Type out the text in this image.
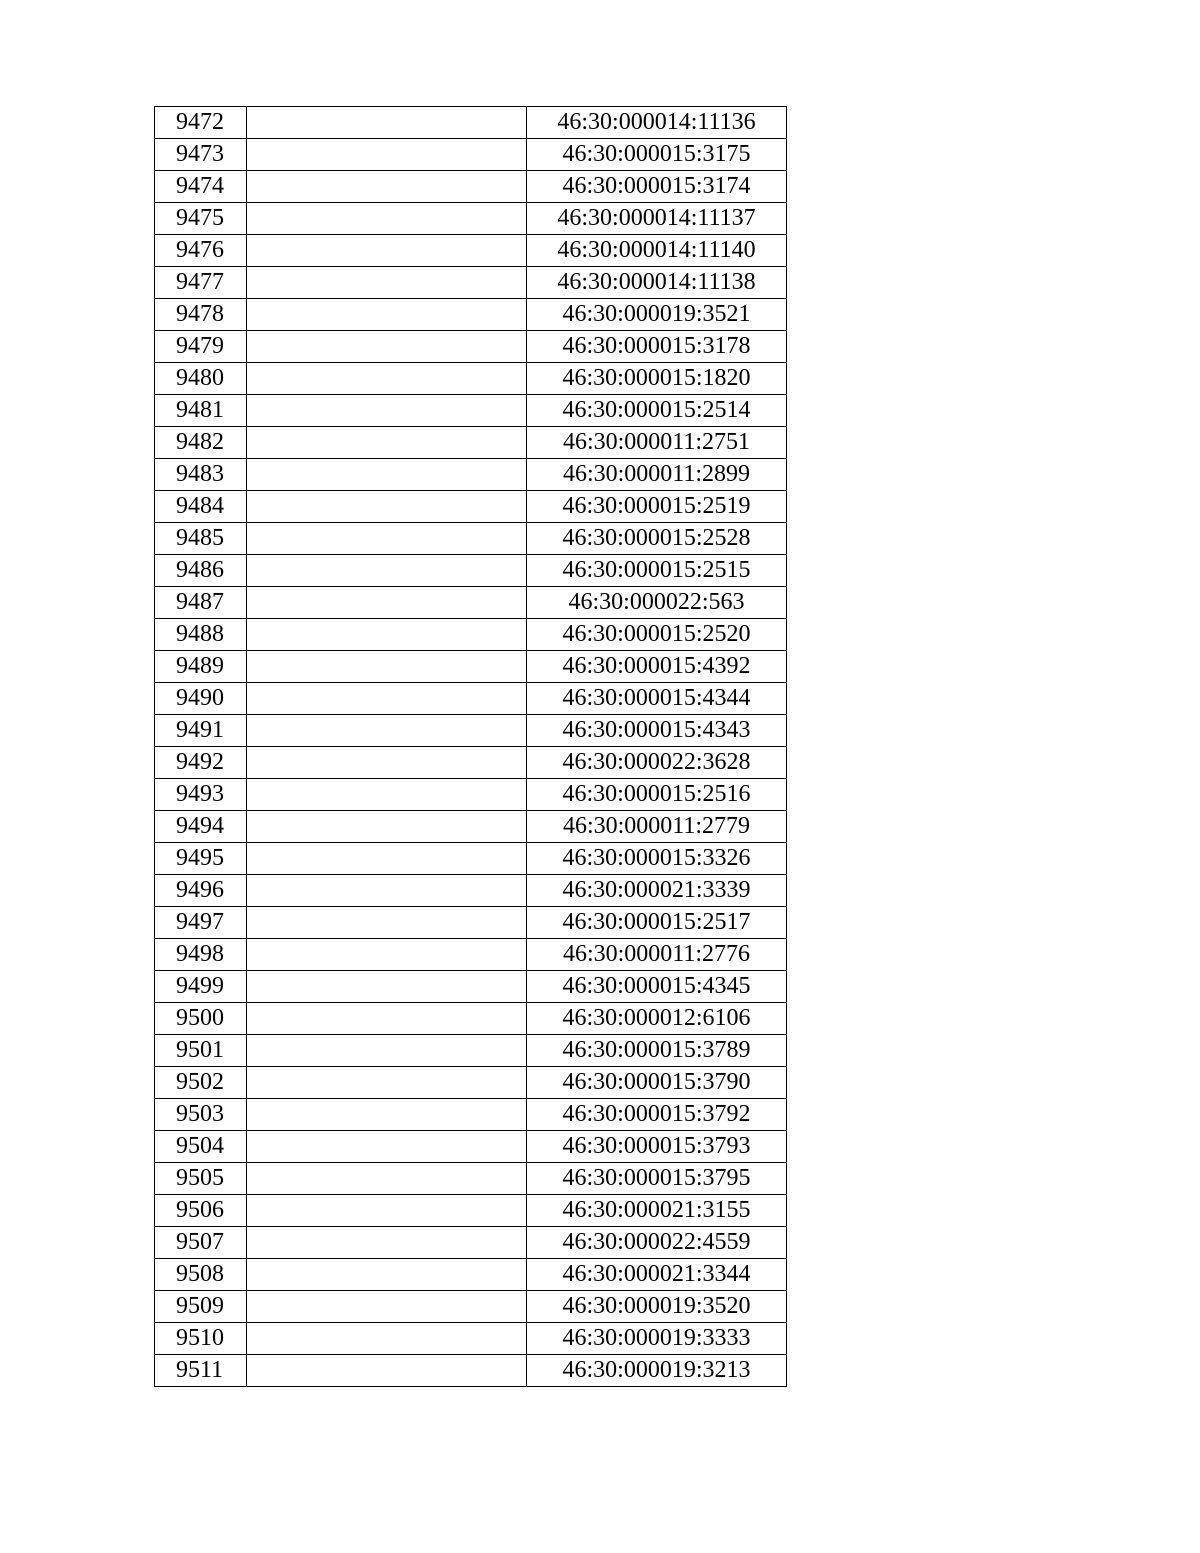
9472		46:30:000014:11136
9473		46:30:000015:3175
9474		46:30:000015:3174
9475		46:30:000014:11137
9476		46:30:000014:11140
9477		46:30:000014:11138
9478		46:30:000019:3521
9479		46:30:000015:3178
9480		46:30:000015:1820
9481		46:30:000015:2514
9482		46:30:000011:2751
9483		46:30:000011:2899
9484		46:30:000015:2519
9485		46:30:000015:2528
9486		46:30:000015:2515
9487		46:30:000022:563
9488		46:30:000015:2520
9489		46:30:000015:4392
9490		46:30:000015:4344
9491		46:30:000015:4343
9492		46:30:000022:3628
9493		46:30:000015:2516
9494		46:30:000011:2779
9495		46:30:000015:3326
9496		46:30:000021:3339
9497		46:30:000015:2517
9498		46:30:000011:2776
9499		46:30:000015:4345
9500		46:30:000012:6106
9501		46:30:000015:3789
9502		46:30:000015:3790
9503		46:30:000015:3792
9504		46:30:000015:3793
9505		46:30:000015:3795
9506		46:30:000021:3155
9507		46:30:000022:4559
9508		46:30:000021:3344
9509		46:30:000019:3520
9510		46:30:000019:3333
9511		46:30:000019:3213
